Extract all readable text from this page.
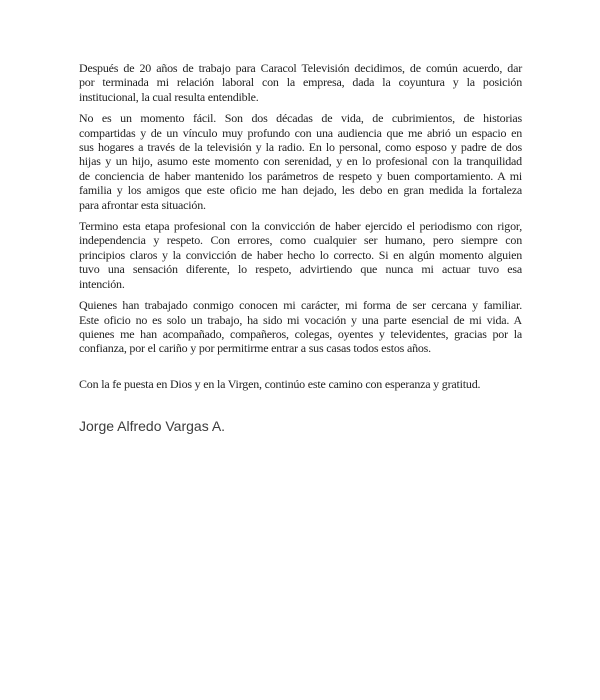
Después de 20 años de trabajo para Caracol Televisión decidimos, de común acuerdo, dar
por terminada mi relación laboral con la empresa, dada la coyuntura y la posición
institucional, la cual resulta entendible.
No es un momento fácil. Son dos décadas de vida, de cubrimientos, de historias
compartidas y de un vínculo muy profundo con una audiencia que me abrió un espacio en
sus hogares a través de la televisión y la radio. En lo personal, como esposo y padre de dos
hijas y un hijo, asumo este momento con serenidad, y en lo profesional con la tranquilidad
de conciencia de haber mantenido los parámetros de respeto y buen comportamiento. A mi
familia y los amigos que este oficio me han dejado, les debo en gran medida la fortaleza
para afrontar esta situación.
Termino esta etapa profesional con la convicción de haber ejercido el periodismo con rigor,
independencia y respeto. Con errores, como cualquier ser humano, pero siempre con
principios claros y la convicción de haber hecho lo correcto. Si en algún momento alguien
tuvo una sensación diferente, lo respeto, advirtiendo que nunca mi actuar tuvo esa
intención.
Quienes han trabajado conmigo conocen mi carácter, mi forma de ser cercana y familiar.
Este oficio no es solo un trabajo, ha sido mi vocación y una parte esencial de mi vida. A
quienes me han acompañado, compañeros, colegas, oyentes y televidentes, gracias por la
confianza, por el cariño y por permitirme entrar a sus casas todos estos años.
Con la fe puesta en Dios y en la Virgen, continúo este camino con esperanza y gratitud.
Jorge Alfredo Vargas A.
